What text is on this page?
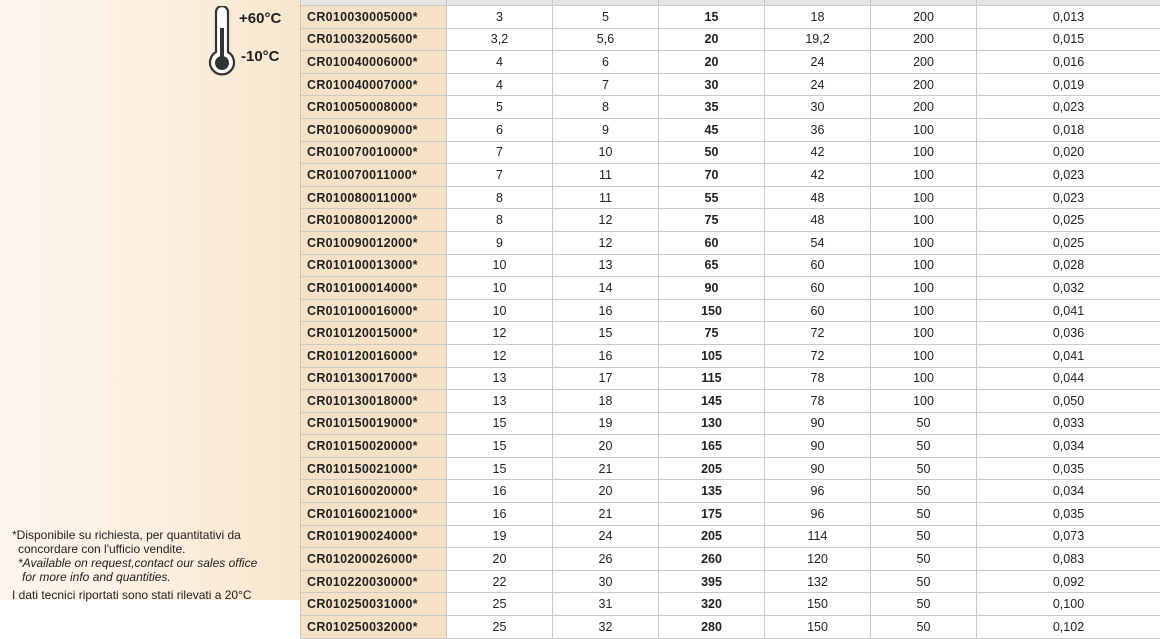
+60°C
-10°C
*Disponibile su richiesta, per quantitativi da
concordare con l'ufficio vendite.
*Available on request,contact our sales office
for more info and quantities.
I dati tecnici riportati sono stati rilevati a 20°C

CR010030005000*	3	5	15	18	200	0,013
CR010032005600*	3,2	5,6	20	19,2	200	0,015
CR010040006000*	4	6	20	24	200	0,016
CR010040007000*	4	7	30	24	200	0,019
CR010050008000*	5	8	35	30	200	0,023
CR010060009000*	6	9	45	36	100	0,018
CR010070010000*	7	10	50	42	100	0,020
CR010070011000*	7	11	70	42	100	0,023
CR010080011000*	8	11	55	48	100	0,023
CR010080012000*	8	12	75	48	100	0,025
CR010090012000*	9	12	60	54	100	0,025
CR010100013000*	10	13	65	60	100	0,028
CR010100014000*	10	14	90	60	100	0,032
CR010100016000*	10	16	150	60	100	0,041
CR010120015000*	12	15	75	72	100	0,036
CR010120016000*	12	16	105	72	100	0,041
CR010130017000*	13	17	115	78	100	0,044
CR010130018000*	13	18	145	78	100	0,050
CR010150019000*	15	19	130	90	50	0,033
CR010150020000*	15	20	165	90	50	0,034
CR010150021000*	15	21	205	90	50	0,035
CR010160020000*	16	20	135	96	50	0,034
CR010160021000*	16	21	175	96	50	0,035
CR010190024000*	19	24	205	114	50	0,073
CR010200026000*	20	26	260	120	50	0,083
CR010220030000*	22	30	395	132	50	0,092
CR010250031000*	25	31	320	150	50	0,100
CR010250032000*	25	32	280	150	50	0,102
